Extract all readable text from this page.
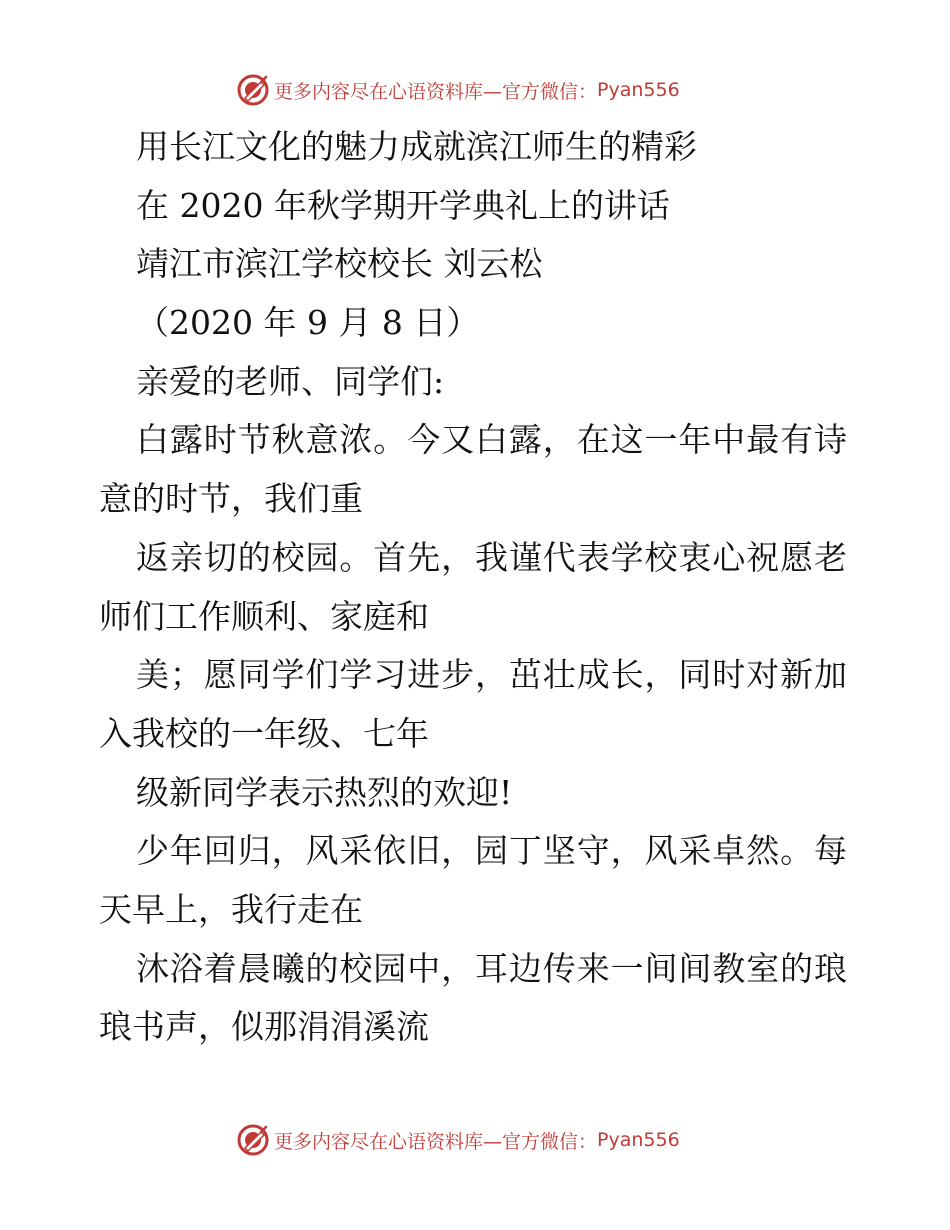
更多内容尽在心语资料库—官方微信： Pyan556
用长江文化的魅力成就滨江师生的精彩
在 2020 年秋学期开学典礼上的讲话
靖江市滨江学校校长 刘云松
（2020 年 9 月 8 日）
亲爱的老师、同学们:
白露时节秋意浓。今又白露，在这一年中最有诗
意的时节，我们重
返亲切的校园。首先，我谨代表学校衷心祝愿老
师们工作顺利、家庭和
美；愿同学们学习进步，茁壮成长，同时对新加
入我校的一年级、七年
级新同学表示热烈的欢迎!
少年回归，风采依旧，园丁坚守，风采卓然。每
天早上，我行走在
沐浴着晨曦的校园中，耳边传来一间间教室的琅
琅书声，似那涓涓溪流
更多内容尽在心语资料库—官方微信： Pyan556
